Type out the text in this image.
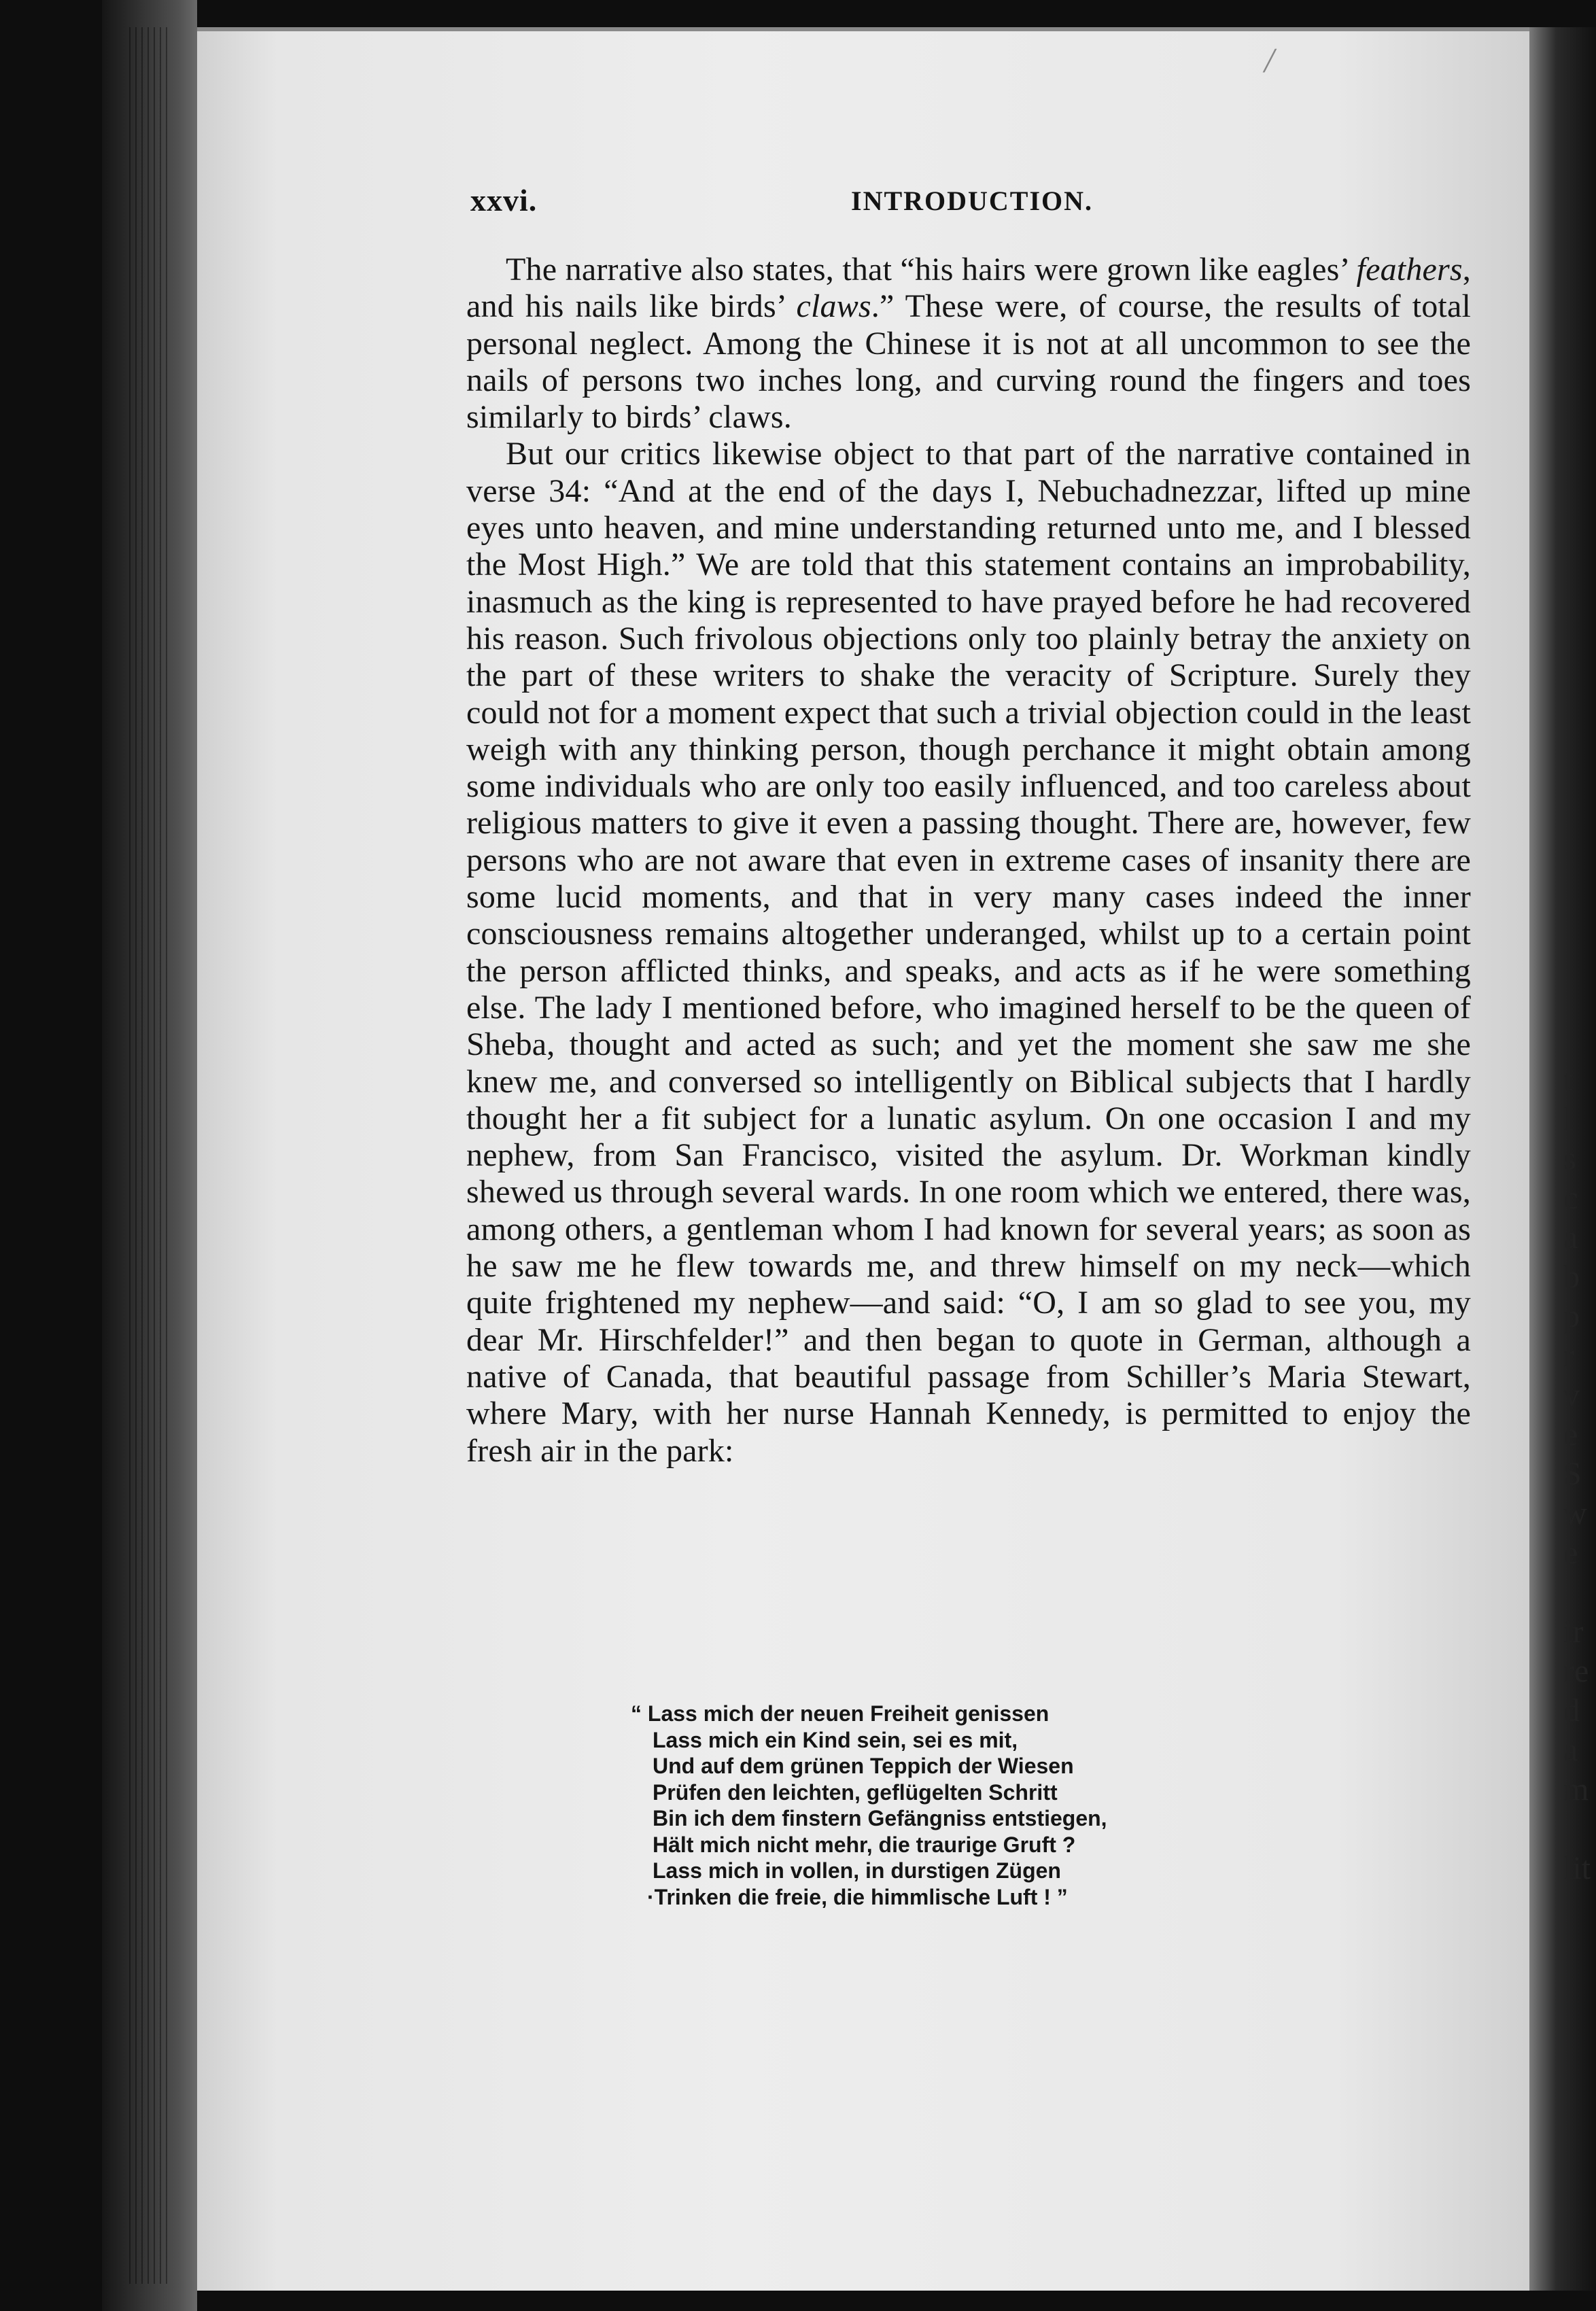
/
xxvi.	INTRODUCTION.

The narrative also states, that “his hairs were grown like eagles’ feathers, and his nails like birds’ claws.” These were, of course, the results of total personal neglect. Among the Chinese it is not at all uncommon to see the nails of persons two inches long, and curving round the fingers and toes similarly to birds’ claws.

But our critics likewise object to that part of the narrative contained in verse 34: “And at the end of the days I, Nebuchadnezzar, lifted up mine eyes unto heaven, and mine understanding returned unto me, and I blessed the Most High.” We are told that this statement contains an improbability, inasmuch as the king is represented to have prayed before he had recovered his reason. Such frivolous objections only too plainly betray the anxiety on the part of these writers to shake the veracity of Scripture. Surely they could not for a moment expect that such a trivial objection could in the least weigh with any thinking person, though perchance it might obtain among some individuals who are only too easily influenced, and too careless about religious matters to give it even a passing thought. There are, however, few persons who are not aware that even in extreme cases of insanity there are some lucid moments, and that in very many cases indeed the inner consciousness remains altogether underanged, whilst up to a certain point the person afflicted thinks, and speaks, and acts as if he were something else. The lady I mentioned before, who imagined herself to be the queen of Sheba, thought and acted as such; and yet the moment she saw me she knew me, and conversed so intelligently on Biblical subjects that I hardly thought her a fit subject for a lunatic asylum. On one occasion I and my nephew, from San Francisco, visited the asylum. Dr. Workman kindly shewed us through several wards. In one room which we entered, there was, among others, a gentleman whom I had known for several years; as soon as he saw me he flew towards me, and threw himself on my neck—which quite frightened my nephew—and said: “O, I am so glad to see you, my dear Mr. Hirschfelder!” and then began to quote in German, although a native of Canada, that beautiful passage from Schiller’s Maria Stewart, where Mary, with her nurse Hannah Kennedy, is permitted to enjoy the fresh air in the park:

“ Lass mich der neuen Freiheit genissen
Lass mich ein Kind sein, sei es mit,
Und auf dem grünen Teppich der Wiesen
Prüfen den leichten, geflügelten Schritt
Bin ich dem finstern Gefängniss entstiegen,
Hält mich nicht mehr, die traurige Gruft ?
Lass mich in vollen, in durstigen Zügen
·Trinken die freie, die himmlische Luft ! ”
t
l
s
c
a
b
p
r
v
e
S
w
e
ir
re
d
a
m
lit
